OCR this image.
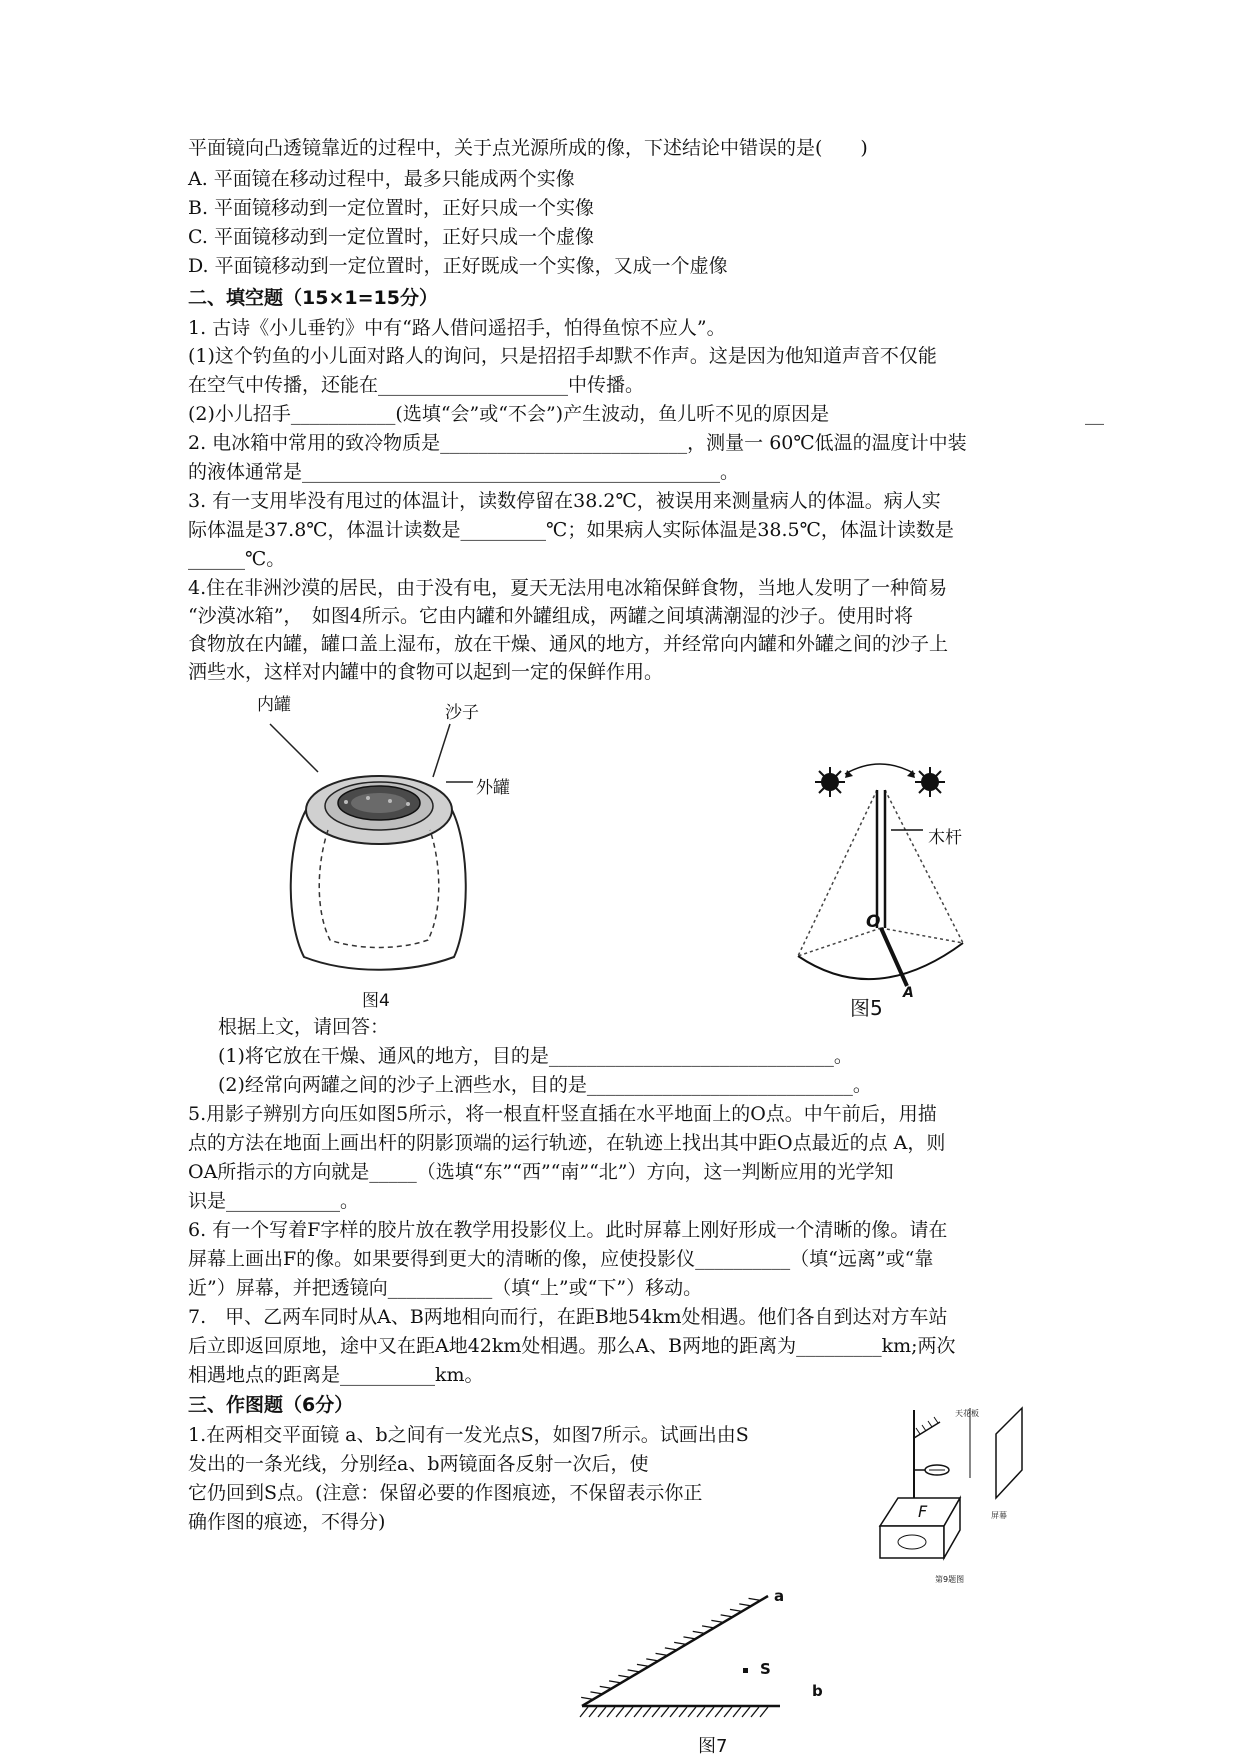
平面镜向凸透镜靠近的过程中，关于点光源所成的像，下述结论中错误的是(　　)
A. 平面镜在移动过程中，最多只能成两个实像
B. 平面镜移动到一定位置时，正好只成一个实像
C. 平面镜移动到一定位置时，正好只成一个虚像
D. 平面镜移动到一定位置时，正好既成一个实像，又成一个虚像
二、填空题（15×1=15分）
1. 古诗《小儿垂钓》中有“路人借问遥招手，怕得鱼惊不应人”。
(1)这个钓鱼的小儿面对路人的询问，只是招招手却默不作声。这是因为他知道声音不仅能
在空气中传播，还能在____________________中传播。
(2)小儿招手___________(选填“会”或“不会”)产生波动，鱼儿听不见的原因是	__
2. 电冰箱中常用的致冷物质是__________________________，测量一 60℃低温的温度计中装
的液体通常是____________________________________________。
3. 有一支用毕没有甩过的体温计，读数停留在38.2℃，被误用来测量病人的体温。病人实
际体温是37.8℃，体温计读数是_________℃；如果病人实际体温是38.5℃，体温计读数是
______℃。
4.住在非洲沙漠的居民，由于没有电，夏天无法用电冰箱保鲜食物，当地人发明了一种简易
“沙漠冰箱”，　如图4所示。它由内罐和外罐组成，两罐之间填满潮湿的沙子。使用时将
食物放在内罐，罐口盖上湿布，放在干燥、通风的地方，并经常向内罐和外罐之间的沙子上
洒些水，这样对内罐中的食物可以起到一定的保鲜作用。
内罐	沙子
外罐
图4
木杆
O
A
图5
根据上文，请回答：
(1)将它放在干燥、通风的地方，目的是______________________________。
(2)经常向两罐之间的沙子上洒些水，目的是____________________________。
5.用影子辨别方向压如图5所示，将一根直杆竖直插在水平地面上的O点。中午前后，用描
点的方法在地面上画出杆的阴影顶端的运行轨迹，在轨迹上找出其中距O点最近的点 A，则
OA所指示的方向就是_____（选填“东”“西”“南”“北”）方向，这一判断应用的光学知
识是____________。
6. 有一个写着F字样的胶片放在教学用投影仪上。此时屏幕上刚好形成一个清晰的像。请在
屏幕上画出F的像。如果要得到更大的清晰的像，应使投影仪__________（填“远离”或“靠
近”）屏幕，并把透镜向___________（填“上”或“下”）移动。
7.　甲、乙两车同时从A、B两地相向而行，在距B地54km处相遇。他们各自到达对方车站
后立即返回原地，途中又在距A地42km处相遇。那么A、B两地的距离为_________km;两次
相遇地点的距离是__________km。
三、作图题（6分）
1.在两相交平面镜 a、b之间有一发光点S，如图7所示。试画出由S
发出的一条光线，分别经a、b两镜面各反射一次后，使
它仍回到S点。(注意：保留必要的作图痕迹，不保留表示你正
确作图的痕迹，不得分)
天花板
F	屏幕
第9题图
a
S
b
图7
